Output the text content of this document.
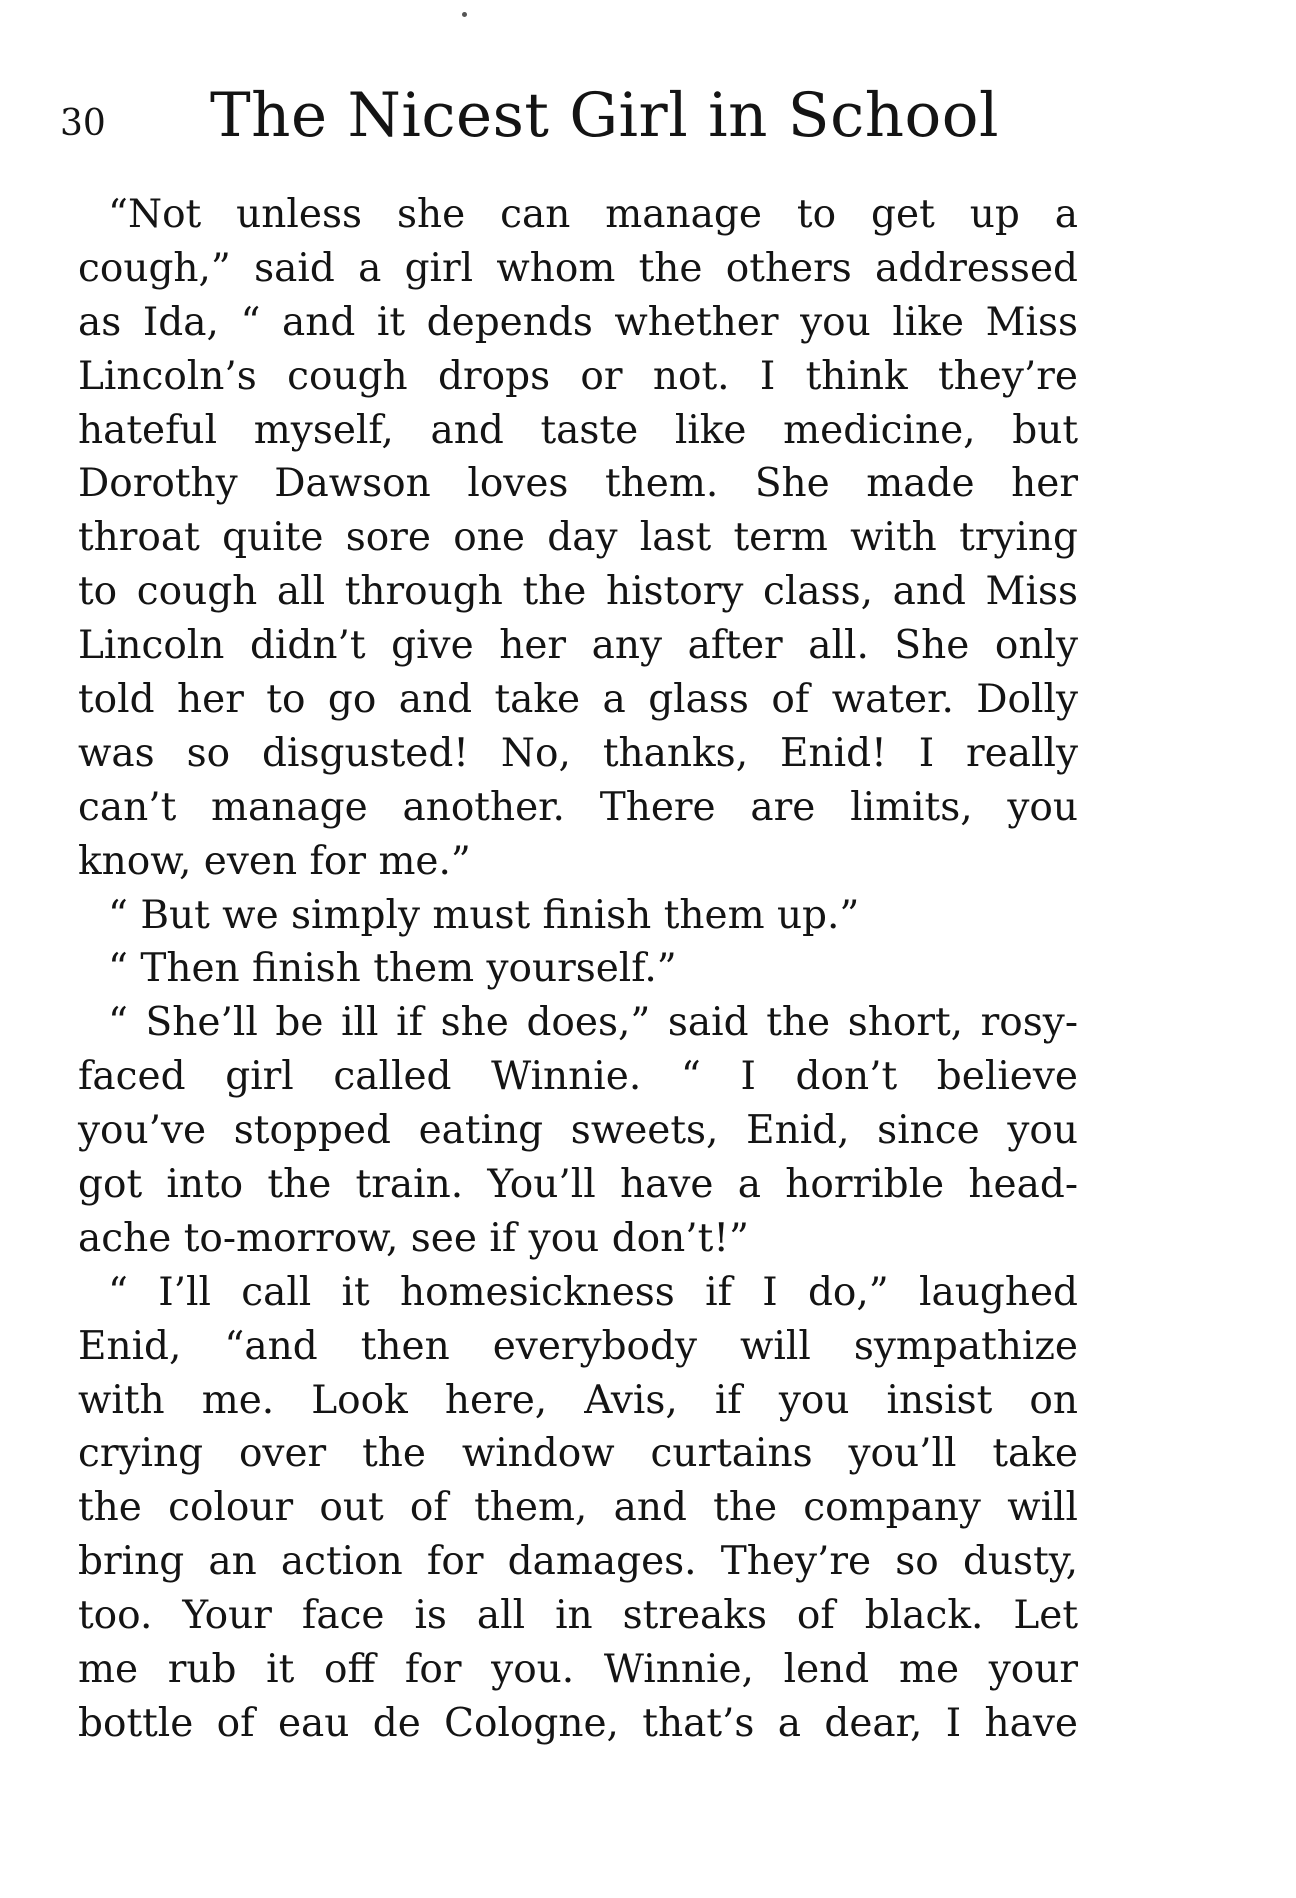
30 The Nicest Girl in School
“Not unless she can manage to get up a
cough,” said a girl whom the others addressed
as Ida, “ and it depends whether you like Miss
Lincoln’s cough drops or not. I think they’re
hateful myself, and taste like medicine, but
Dorothy Dawson loves them. She made her
throat quite sore one day last term with trying
to cough all through the history class, and Miss
Lincoln didn’t give her any after all. She only
told her to go and take a glass of water. Dolly
was so disgusted! No, thanks, Enid! I really
can’t manage another. There are limits, you
know, even for me.”
“ But we simply must finish them up.”
“ Then finish them yourself.”
“ She’ll be ill if she does,” said the short, rosy-
faced girl called Winnie. “ I don’t believe
you’ve stopped eating sweets, Enid, since you
got into the train. You’ll have a horrible head-
ache to-morrow, see if you don’t!”
“ I’ll call it homesickness if I do,” laughed
Enid, “and then everybody will sympathize
with me. Look here, Avis, if you insist on
crying over the window curtains you’ll take
the colour out of them, and the company will
bring an action for damages. They’re so dusty,
too. Your face is all in streaks of black. Let
me rub it off for you. Winnie, lend me your
bottle of eau de Cologne, that’s a dear, I have
